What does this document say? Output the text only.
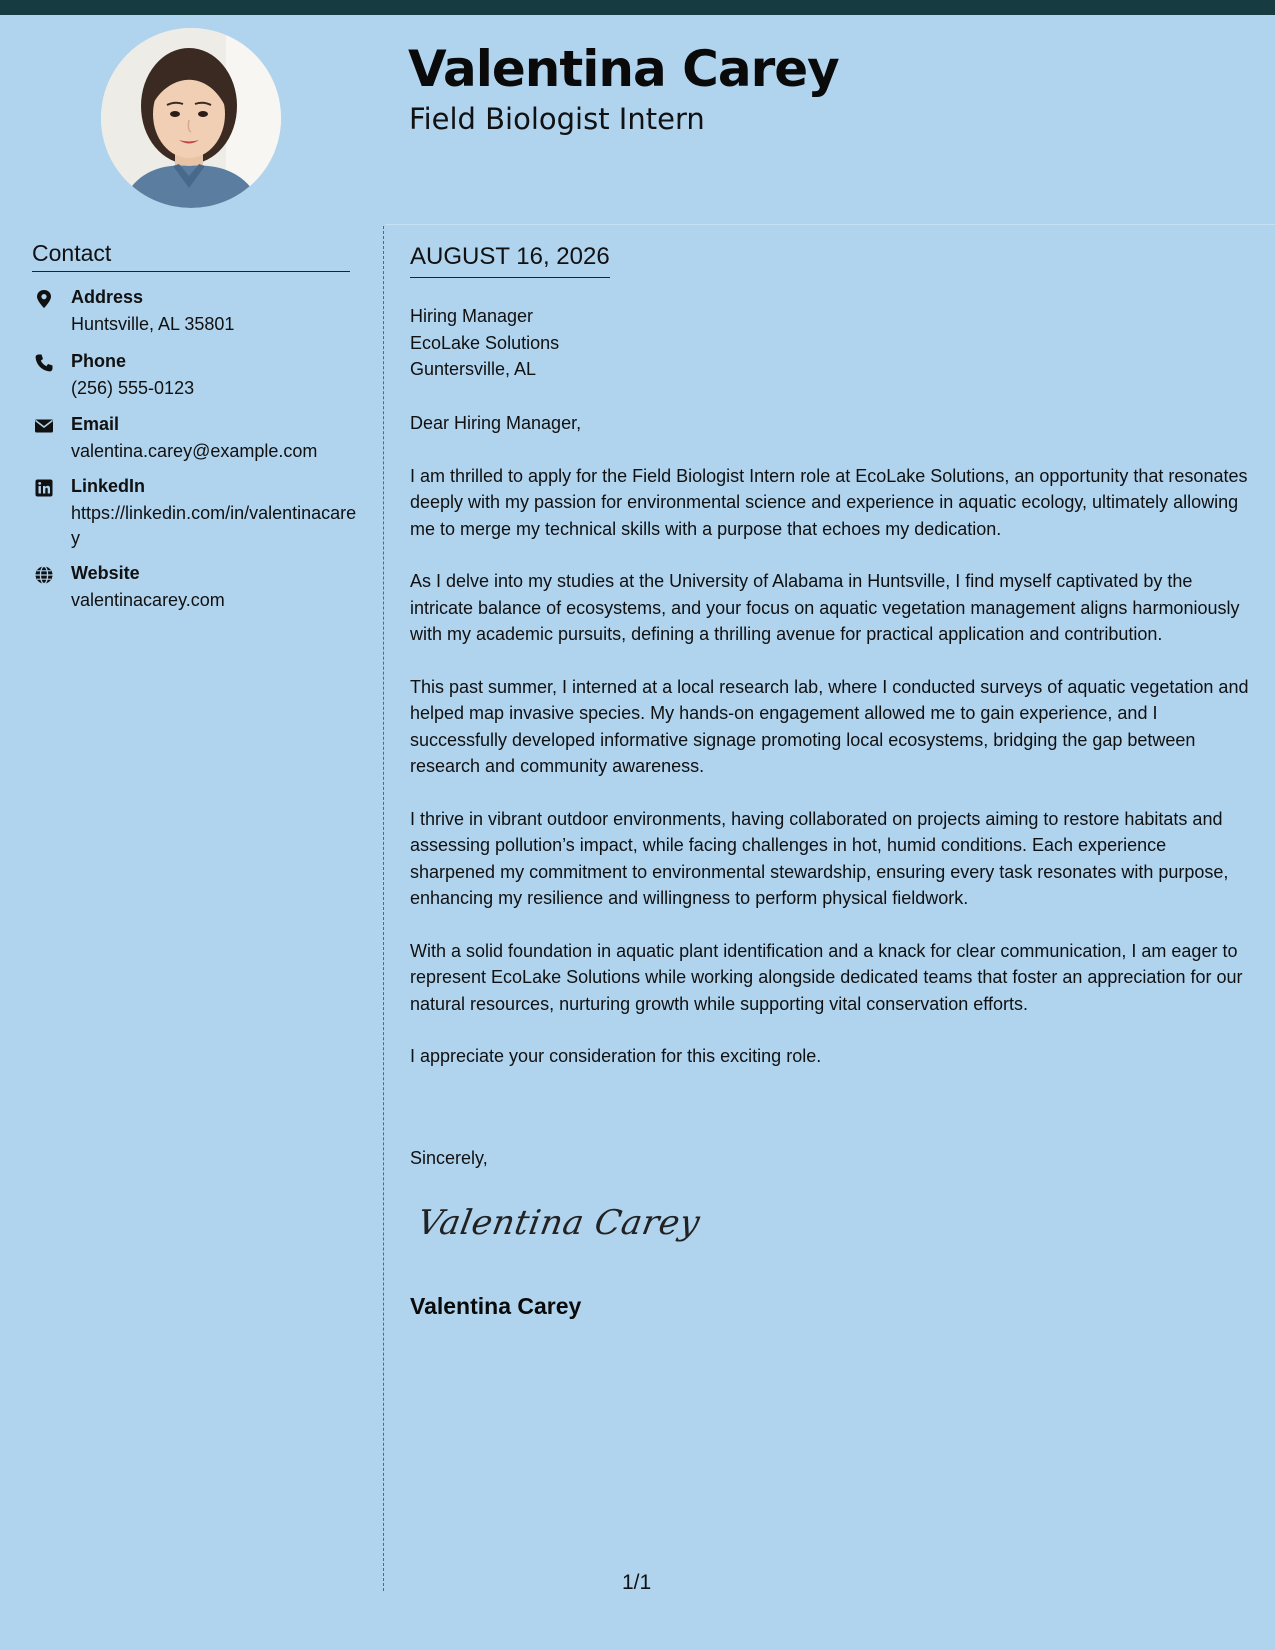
Valentina Carey
Field Biologist Intern
Contact
Address
Huntsville, AL 35801
Phone
(256) 555-0123
Email
valentina.carey@example.com
LinkedIn
https://linkedin.com/in/valentinacarey
Website
valentinacarey.com
AUGUST 16, 2026
Hiring Manager
EcoLake Solutions
Guntersville, AL

Dear Hiring Manager,

I am thrilled to apply for the Field Biologist Intern role at EcoLake Solutions, an opportunity that resonates deeply with my passion for environmental science and experience in aquatic ecology, ultimately allowing me to merge my technical skills with a purpose that echoes my dedication.

As I delve into my studies at the University of Alabama in Huntsville, I find myself captivated by the intricate balance of ecosystems, and your focus on aquatic vegetation management aligns harmoniously with my academic pursuits, defining a thrilling avenue for practical application and contribution.

This past summer, I interned at a local research lab, where I conducted surveys of aquatic vegetation and helped map invasive species. My hands-on engagement allowed me to gain experience, and I successfully developed informative signage promoting local ecosystems, bridging the gap between research and community awareness.

I thrive in vibrant outdoor environments, having collaborated on projects aiming to restore habitats and assessing pollution’s impact, while facing challenges in hot, humid conditions. Each experience sharpened my commitment to environmental stewardship, ensuring every task resonates with purpose, enhancing my resilience and willingness to perform physical fieldwork.

With a solid foundation in aquatic plant identification and a knack for clear communication, I am eager to represent EcoLake Solutions while working alongside dedicated teams that foster an appreciation for our natural resources, nurturing growth while supporting vital conservation efforts.

I appreciate your consideration for this exciting role.

Sincerely,
Valentina Carey
Valentina Carey
1/1
